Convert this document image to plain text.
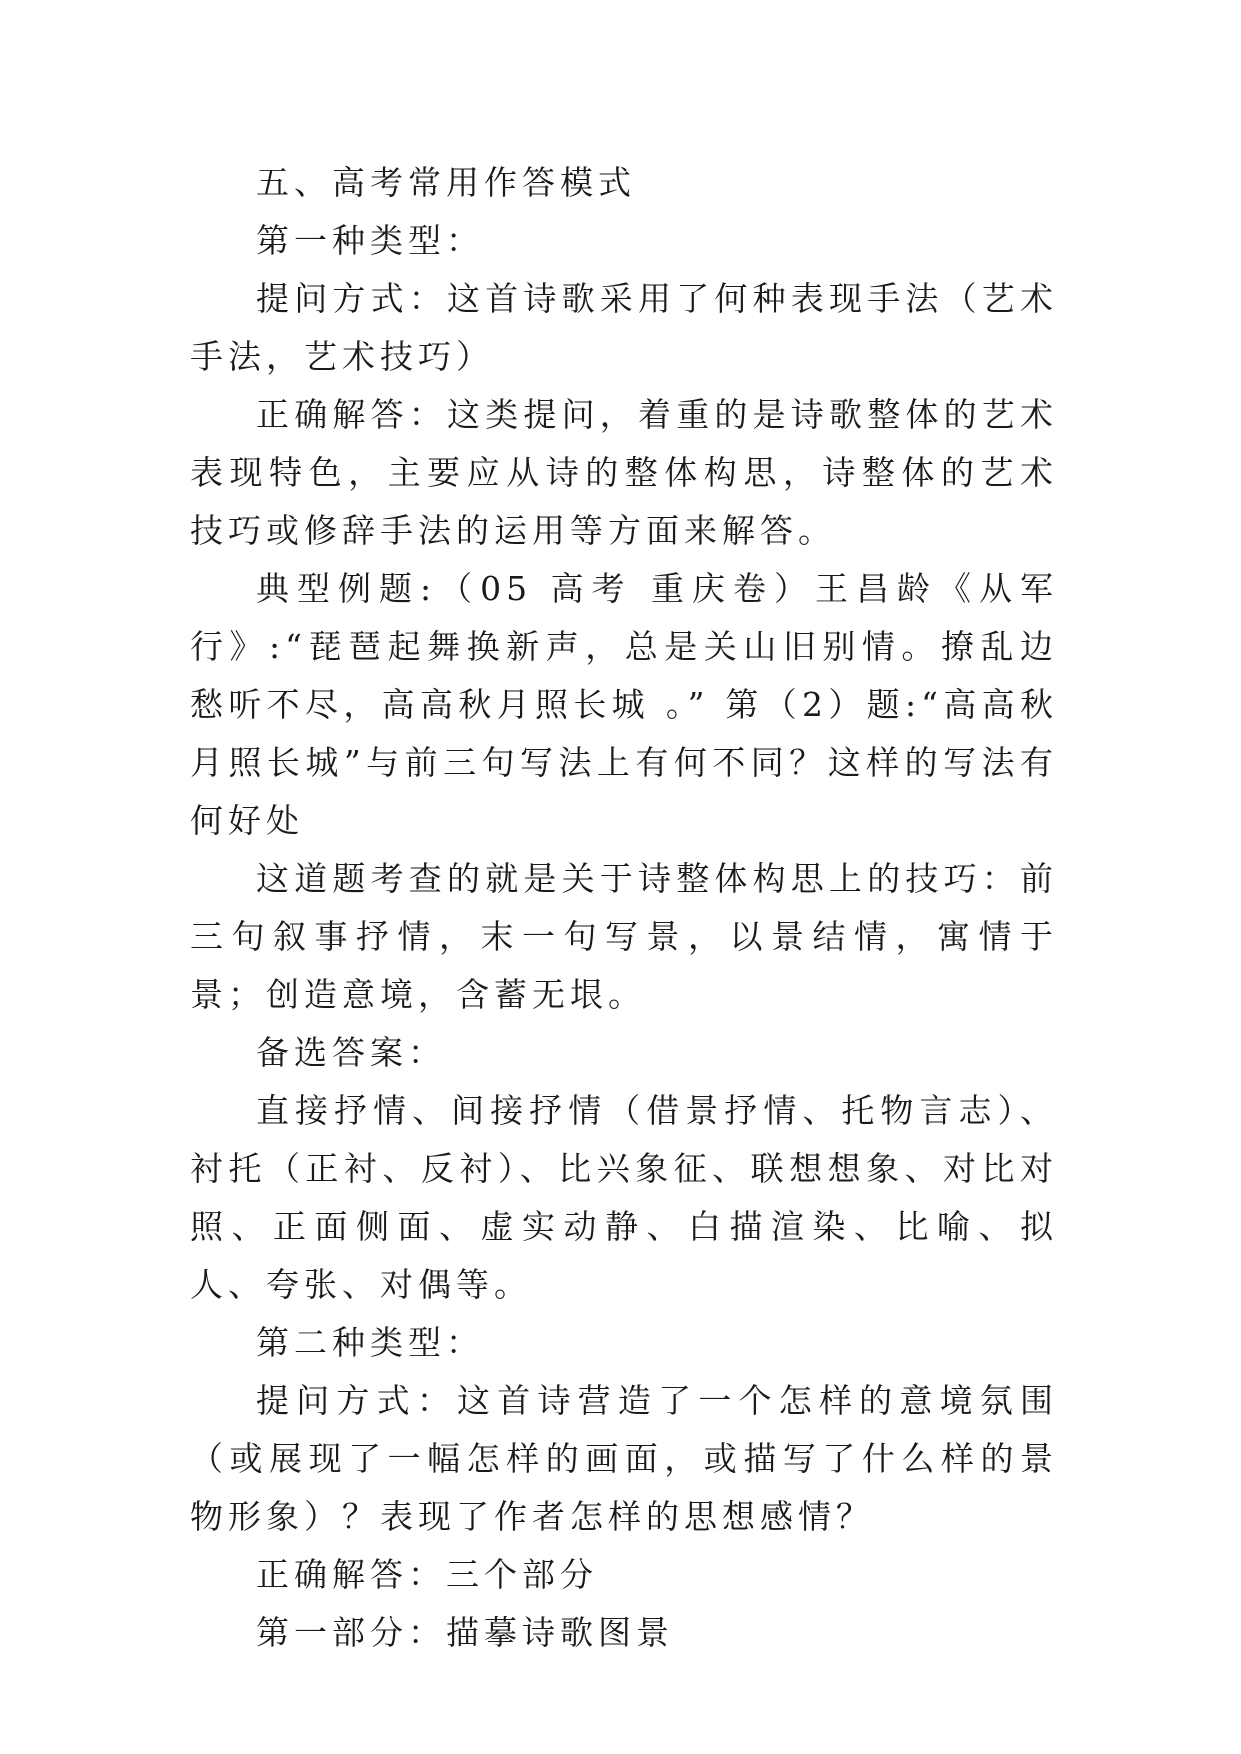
五、高考常用作答模式

第一种类型：

提问方式：这首诗歌采用了何种表现手法（艺术手法，艺术技巧）

正确解答：这类提问，着重的是诗歌整体的艺术表现特色，主要应从诗的整体构思，诗整体的艺术技巧或修辞手法的运用等方面来解答。

典型例题:（05 高考 重庆卷）王昌龄《从军行》:“琵琶起舞换新声，总是关山旧别情。撩乱边愁听不尽，高高秋月照长城 。” 第（2）题:“高高秋月照长城”与前三句写法上有何不同？这样的写法有何好处

这道题考查的就是关于诗整体构思上的技巧：前三句叙事抒情，末一句写景，以景结情，寓情于景；创造意境，含蓄无垠。

备选答案：

直接抒情、间接抒情（借景抒情、托物言志）、衬托（正衬、反衬）、比兴象征、联想想象、对比对照、正面侧面、虚实动静、白描渲染、比喻、拟人、夸张、对偶等。

第二种类型：

提问方式：这首诗营造了一个怎样的意境氛围（或展现了一幅怎样的画面，或描写了什么样的景物形象）？表现了作者怎样的思想感情？

正确解答：三个部分

第一部分：描摹诗歌图景
